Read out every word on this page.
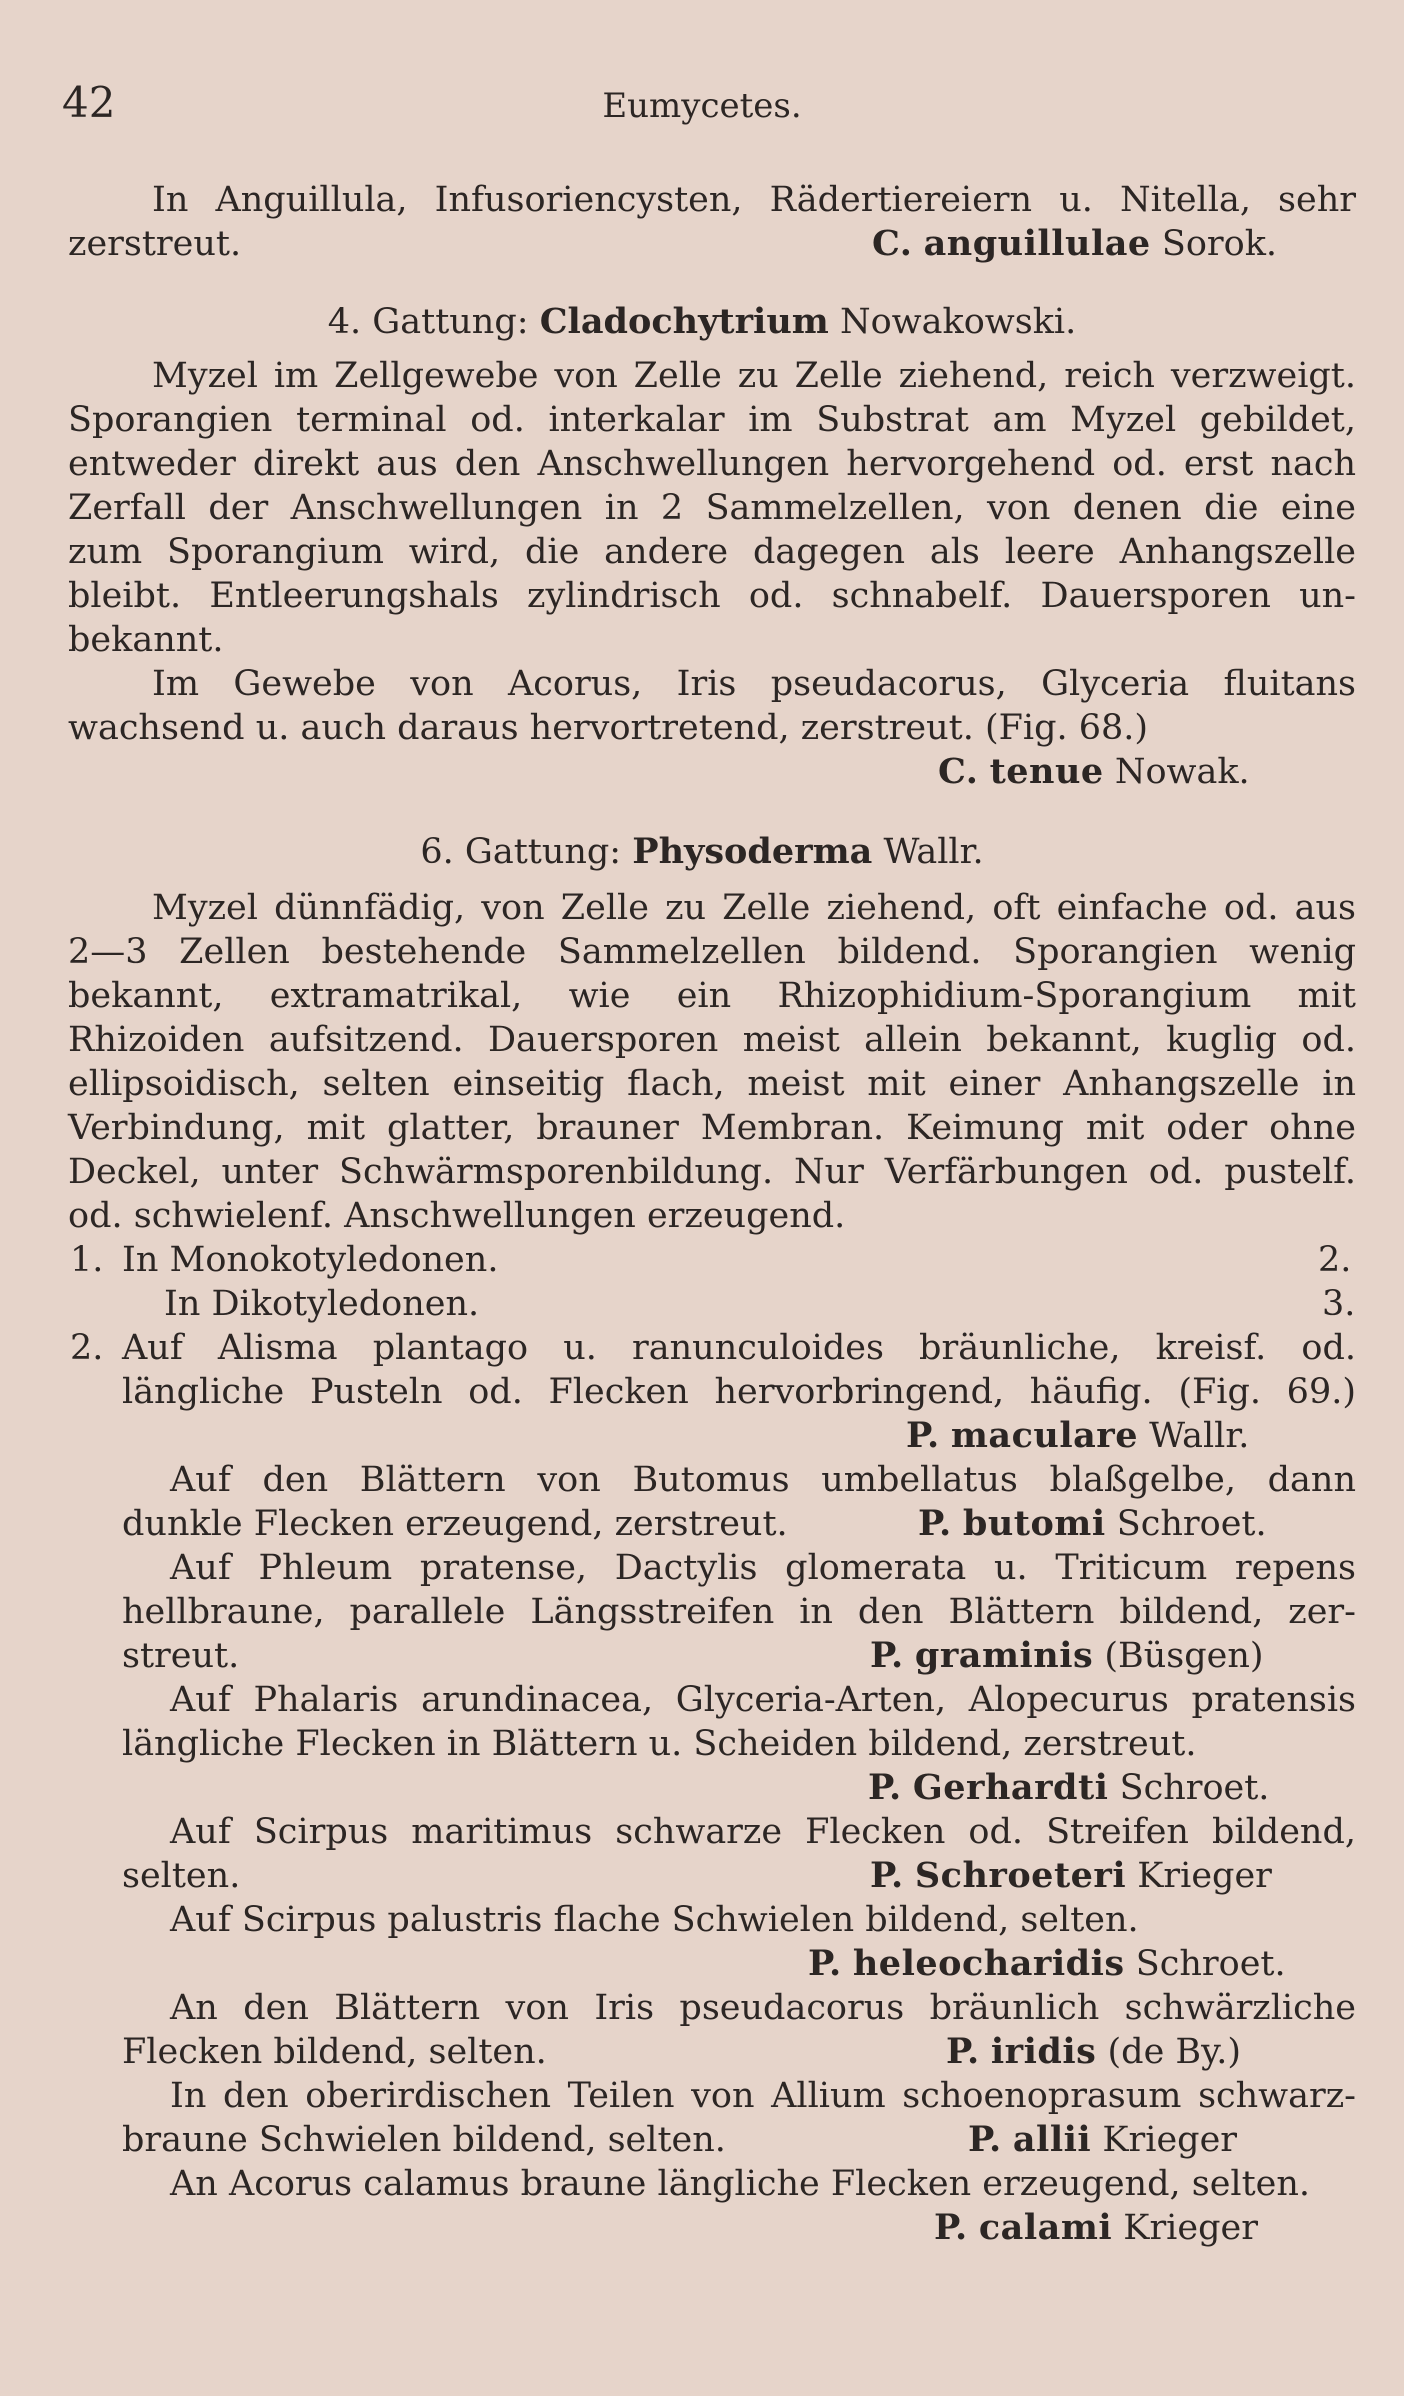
42	Eumycetes.
In Anguillula, Infusoriencysten, Rädertiereiern u. Nitella, sehr
zerstreut.	C. anguillulae Sorok.
4. Gattung: Cladochytrium Nowakowski.
Myzel im Zellgewebe von Zelle zu Zelle ziehend, reich verzweigt.
Sporangien terminal od. interkalar im Substrat am Myzel gebildet,
entweder direkt aus den Anschwellungen hervorgehend od. erst nach
Zerfall der Anschwellungen in 2 Sammelzellen, von denen die eine
zum Sporangium wird, die andere dagegen als leere Anhangszelle
bleibt. Entleerungshals zylindrisch od. schnabelf. Dauersporen un-
bekannt.
Im Gewebe von Acorus, Iris pseudacorus, Glyceria fluitans
wachsend u. auch daraus hervortretend, zerstreut. (Fig. 68.)
C. tenue Nowak.
6. Gattung: Physoderma Wallr.
Myzel dünnfädig, von Zelle zu Zelle ziehend, oft einfache od. aus
2—3 Zellen bestehende Sammelzellen bildend. Sporangien wenig
bekannt, extramatrikal, wie ein Rhizophidium-Sporangium mit
Rhizoiden aufsitzend. Dauersporen meist allein bekannt, kuglig od.
ellipsoidisch, selten einseitig flach, meist mit einer Anhangszelle in
Verbindung, mit glatter, brauner Membran. Keimung mit oder ohne
Deckel, unter Schwärmsporenbildung. Nur Verfärbungen od. pustelf.
od. schwielenf. Anschwellungen erzeugend.
1. In Monokotyledonen.	2.
In Dikotyledonen.	3.
2. Auf Alisma plantago u. ranunculoides bräunliche, kreisf. od.
längliche Pusteln od. Flecken hervorbringend, häufig. (Fig. 69.)
P. maculare Wallr.
Auf den Blättern von Butomus umbellatus blaßgelbe, dann
dunkle Flecken erzeugend, zerstreut.	P. butomi Schroet.
Auf Phleum pratense, Dactylis glomerata u. Triticum repens
hellbraune, parallele Längsstreifen in den Blättern bildend, zer-
streut.	P. graminis (Büsgen)
Auf Phalaris arundinacea, Glyceria-Arten, Alopecurus pratensis
längliche Flecken in Blättern u. Scheiden bildend, zerstreut.
P. Gerhardti Schroet.
Auf Scirpus maritimus schwarze Flecken od. Streifen bildend,
selten.	P. Schroeteri Krieger
Auf Scirpus palustris flache Schwielen bildend, selten.
P. heleocharidis Schroet.
An den Blättern von Iris pseudacorus bräunlich schwärzliche
Flecken bildend, selten.	P. iridis (de By.)
In den oberirdischen Teilen von Allium schoenoprasum schwarz-
braune Schwielen bildend, selten.	P. allii Krieger
An Acorus calamus braune längliche Flecken erzeugend, selten.
P. calami Krieger
